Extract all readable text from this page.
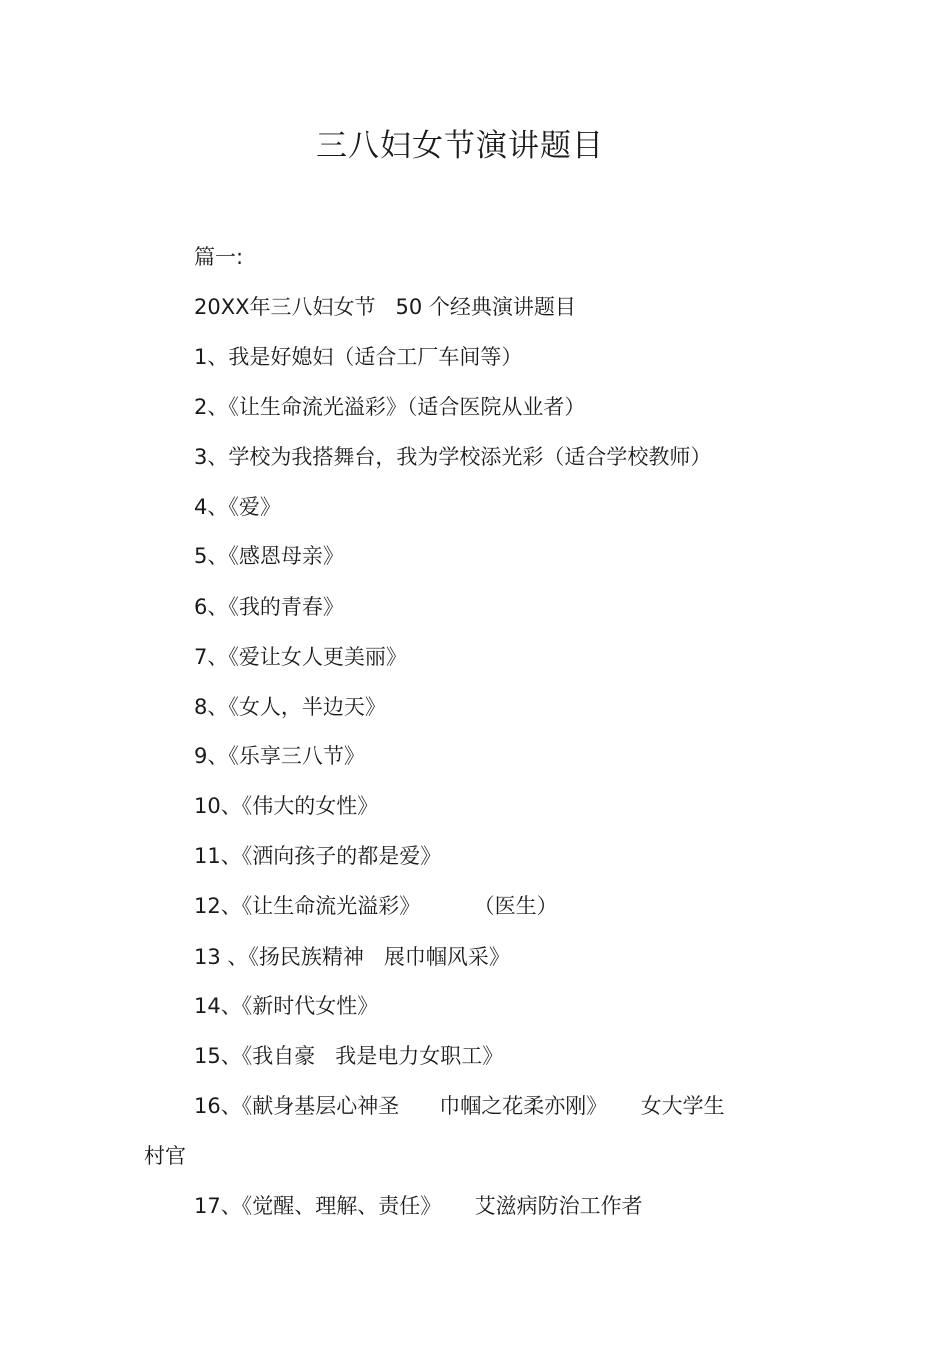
三八妇女节演讲题目
篇一:
20XX年三八妇女节   50 个经典演讲题目
1、我是好媳妇（适合工厂车间等）
2、《让生命流光溢彩》（适合医院从业者）
3、学校为我搭舞台，我为学校添光彩（适合学校教师）
4、《爱》
5、《感恩母亲》
6、《我的青春》
7、《爱让女人更美丽》
8、《女人，半边天》
9、《乐享三八节》
10、《伟大的女性》
11、《洒向孩子的都是爱》
12、《让生命流光溢彩》        （医生）
13 、《扬民族精神   展巾帼风采》
14、《新时代女性》
15、《我自豪   我是电力女职工》
16、《献身基层心神圣      巾帼之花柔亦刚》     女大学生
村官
17、《觉醒、理解、责任》     艾滋病防治工作者
